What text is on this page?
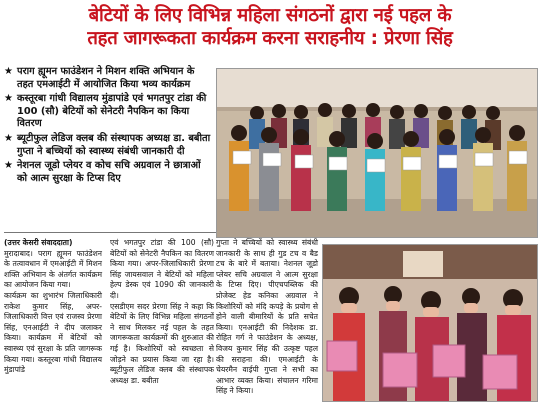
बेटियों के लिए विभिन्न महिला संगठनों द्वारा नई पहल के
तहत जागरूकता कार्यक्रम करना सराहनीय : प्रेरणा सिंह
★ पराग ह्यूमन फाउंडेशन ने मिशन शक्ति अभियान के तहत एमआईटी में आयोजित किया भव्य कार्यक्रम
★ कस्तूरबा गांधी विद्यालय मुंडापांडे एवं भगतपुर टांडा की 100 (सौ) बेटियों को सेनेटरी नैपकिन का किया वितरण
★ ब्यूटीफुल लेडिज क्लब की संस्थापक अध्यक्ष डा. बबीता गुप्ता ने बच्चियों को स्वास्थ्य संबंधी जानकारी दी
★ नेशनल जूडो प्लेयर व कोच सचि अग्रवाल ने छात्राओं को आत्म सुरक्षा के टिप्स दिए

(उत्तर केसरी संवाददाता)

मुरादाबाद। पराग ह्यूमन फाउंडेशन के तत्वावधान में एमआईटी में मिशन शक्ति अभियान के अंतर्गत कार्यक्रम का आयोजन किया गया।

कार्यक्रम का शुभारंभ जिलाधिकारी राकेश कुमार सिंह, अपर-जिलाधिकारी वित्त एवं राजस्व प्रेरणा सिंह, एनआईटी ने दीप जलाकर किया। कार्यक्रम में बेटियों को स्वास्थ्य एवं सुरक्षा के प्रति जागरूक किया गया। कस्तूरबा गांधी विद्यालय मुंडापांडे

एवं भगतपुर टांडा की 100 (सौ) बेटियों को सेनेटरी नैपकिन का वितरण किया गया। अपर-जिलाधिकारी प्रेरणा सिंह जायसवाल ने बेटियों को महिला हेल्प डेस्क एवं 1090 की जानकारी दी।

एसडीएम सदर प्रेरणा सिंह ने कहा कि बेटियों के लिए विभिन्न महिला संगठनों ने साथ मिलकर नई पहल के तहत जागरूकता कार्यक्रमों की शुरुआत की गई है। किशोरियों को स्वच्छता से जोड़ने का प्रयास किया जा रहा है। ब्यूटीफुल लेडिज क्लब की संस्थापक अध्यक्ष डा. बबीता

गुप्ता ने बच्चियों को स्वास्थ्य संबंधी जानकारी के साथ ही गुड टच व बैड टच के बारे में बताया। नेशनल जूडो प्लेयर सचि अग्रवाल ने आत्म सुरक्षा के टिप्स दिए। पीएचपब्लिक की प्रोजेक्ट हेड कनिका अग्रवाल ने किशोरियों को मंदि कपड़े के प्रयोग से होने वाली बीमारियों के प्रति सचेत किया। एनआईटी की निदेशक डा. रोहित गर्ग ने फाउंडेशन के अध्यक्ष, विजय कुमार सिंह की उत्कृष्ट पहल की सराहना की। एमआईटी के चेयरमैन वाईपी गुप्ता ने सभी का आभार व्यक्त किया। संचालन गरिमा सिंह ने किया।
